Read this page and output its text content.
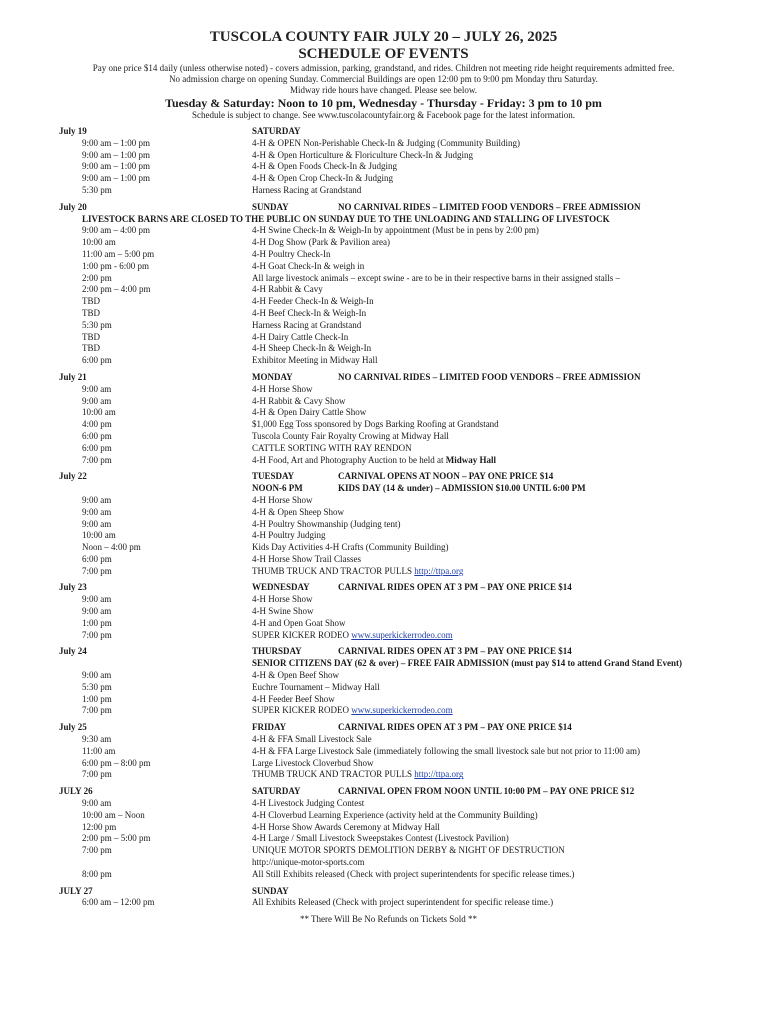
TUSCOLA COUNTY FAIR JULY 20 – JULY 26, 2025
SCHEDULE OF EVENTS
Pay one price $14 daily (unless otherwise noted) - covers admission, parking, grandstand, and rides. Children not meeting ride height requirements admitted free.
No admission charge on opening Sunday. Commercial Buildings are open 12:00 pm to 9:00 pm Monday thru Saturday.
Midway ride hours have changed. Please see below.
Tuesday & Saturday: Noon to 10 pm, Wednesday - Thursday - Friday: 3 pm to 10 pm
Schedule is subject to change. See www.tuscolacountyfair.org & Facebook page for the latest information.
July 19	SATURDAY
9:00 am – 1:00 pm	4-H & OPEN Non-Perishable Check-In & Judging (Community Building)
9:00 am – 1:00 pm	4-H & Open Horticulture & Floriculture Check-In & Judging
9:00 am – 1:00 pm	4-H & Open Foods Check-In & Judging
9:00 am – 1:00 pm	4-H & Open Crop Check-In & Judging
5:30 pm	Harness Racing at Grandstand
July 20	SUNDAY	NO CARNIVAL RIDES – LIMITED FOOD VENDORS – FREE ADMISSION
LIVESTOCK BARNS ARE CLOSED TO THE PUBLIC ON SUNDAY DUE TO THE UNLOADING AND STALLING OF LIVESTOCK
9:00 am – 4:00 pm	4-H Swine Check-In & Weigh-In by appointment (Must be in pens by 2:00 pm)
10:00 am	4-H Dog Show (Park & Pavilion area)
11:00 am – 5:00 pm	4-H Poultry Check-In
1:00 pm - 6:00 pm	4-H Goat Check-In & weigh in
2:00 pm	All large livestock animals – except swine - are to be in their respective barns in their assigned stalls –
2:00 pm – 4:00 pm	4-H Rabbit & Cavy
TBD	4-H Feeder Check-In & Weigh-In
TBD	4-H Beef Check-In & Weigh-In
5:30 pm	Harness Racing at Grandstand
TBD	4-H Dairy Cattle Check-In
TBD	4-H Sheep Check-In & Weigh-In
6:00 pm	Exhibitor Meeting in Midway Hall
July 21	MONDAY	NO CARNIVAL RIDES – LIMITED FOOD VENDORS – FREE ADMISSION
9:00 am	4-H Horse Show
9:00 am	4-H Rabbit & Cavy Show
10:00 am	4-H & Open Dairy Cattle Show
4:00 pm	$1,000 Egg Toss sponsored by Dogs Barking Roofing at Grandstand
6:00 pm	Tuscola County Fair Royalty Crowing at Midway Hall
6:00 pm	CATTLE SORTING WITH RAY RENDON
7:00 pm	4-H Food, Art and Photography Auction to be held at Midway Hall
July 22	TUESDAY	CARNIVAL OPENS AT NOON – PAY ONE PRICE $14
NOON-6 PM	KIDS DAY (14 & under) – ADMISSION $10.00 UNTIL 6:00 PM
9:00 am	4-H Horse Show
9:00 am	4-H & Open Sheep Show
9:00 am	4-H Poultry Showmanship (Judging tent)
10:00 am	4-H Poultry Judging
Noon – 4:00 pm	Kids Day Activities 4-H Crafts (Community Building)
6:00 pm	4-H Horse Show Trail Classes
7:00 pm	THUMB TRUCK AND TRACTOR PULLS http://ttpa.org
July 23	WEDNESDAY	CARNIVAL RIDES OPEN AT 3 PM – PAY ONE PRICE $14
9:00 am	4-H Horse Show
9:00 am	4-H Swine Show
1:00 pm	4-H and Open Goat Show
7:00 pm	SUPER KICKER RODEO www.superkickerrodeo.com
July 24	THURSDAY	CARNIVAL RIDES OPEN AT 3 PM – PAY ONE PRICE $14
SENIOR CITIZENS DAY (62 & over) – FREE FAIR ADMISSION (must pay $14 to attend Grand Stand Event)
9:00 am	4-H & Open Beef Show
5:30 pm	Euchre Tournament – Midway Hall
1:00 pm	4-H Feeder Beef Show
7:00 pm	SUPER KICKER RODEO www.superkickerrodeo.com
July 25	FRIDAY	CARNIVAL RIDES OPEN AT 3 PM – PAY ONE PRICE $14
9:30 am	4-H & FFA Small Livestock Sale
11:00 am	4-H & FFA Large Livestock Sale (immediately following the small livestock sale but not prior to 11:00 am)
6:00 pm – 8:00 pm	Large Livestock Cloverbud Show
7:00 pm	THUMB TRUCK AND TRACTOR PULLS http://ttpa.org
JULY 26	SATURDAY	CARNIVAL OPEN FROM NOON UNTIL 10:00 PM – PAY ONE PRICE $12
9:00 am	4-H Livestock Judging Contest
10:00 am – Noon	4-H Cloverbud Learning Experience (activity held at the Community Building)
12:00 pm	4-H Horse Show Awards Ceremony at Midway Hall
2:00 pm – 5:00 pm	4-H Large / Small Livestock Sweepstakes Contest (Livestock Pavilion)
7:00 pm	UNIQUE MOTOR SPORTS DEMOLITION DERBY & NIGHT OF DESTRUCTION
http://unique-motor-sports.com
8:00 pm	All Still Exhibits released (Check with project superintendents for specific release times.)
JULY 27	SUNDAY
6:00 am – 12:00 pm	All Exhibits Released (Check with project superintendent for specific release time.)
** There Will Be No Refunds on Tickets Sold **
